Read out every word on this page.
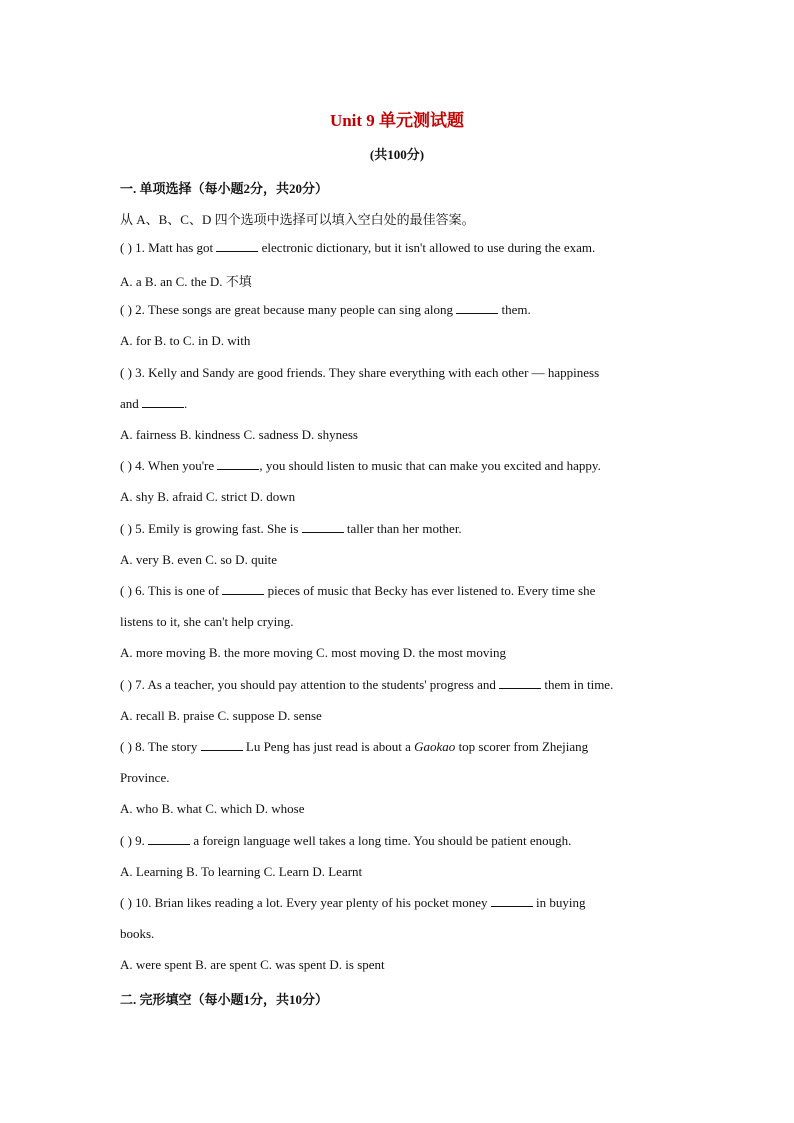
Unit 9 单元测试题
(共100分)
一. 单项选择（每小题2分，共20分）
从 A、B、C、D 四个选项中选择可以填入空白处的最佳答案。
( ) 1. Matt has got	electronic dictionary, but it isn't allowed to use during the exam.
A. a B. an C. the D. 不填
( ) 2. These songs are great because many people can sing along	them.
A. for B. to C. in D. with
( ) 3. Kelly and Sandy are good friends. They share everything with each other — happiness
and	.
A. fairness B. kindness C. sadness D. shyness
( ) 4. When you're	, you should listen to music that can make you excited and happy.
A. shy B. afraid C. strict D. down
( ) 5. Emily is growing fast. She is	taller than her mother.
A. very B. even C. so D. quite
( ) 6. This is one of	pieces of music that Becky has ever listened to. Every time she
listens to it, she can't help crying.
A. more moving B. the more moving C. most moving D. the most moving
( ) 7. As a teacher, you should pay attention to the students' progress and	them in time.
A. recall B. praise C. suppose D. sense
( ) 8. The story	Lu Peng has just read is about a Gaokao top scorer from Zhejiang
Province.
A. who B. what C. which D. whose
( ) 9.	a foreign language well takes a long time. You should be patient enough.
A. Learning B. To learning C. Learn D. Learnt
( ) 10. Brian likes reading a lot. Every year plenty of his pocket money	in buying
books.
A. were spent B. are spent C. was spent D. is spent
二. 完形填空（每小题1分，共10分）
